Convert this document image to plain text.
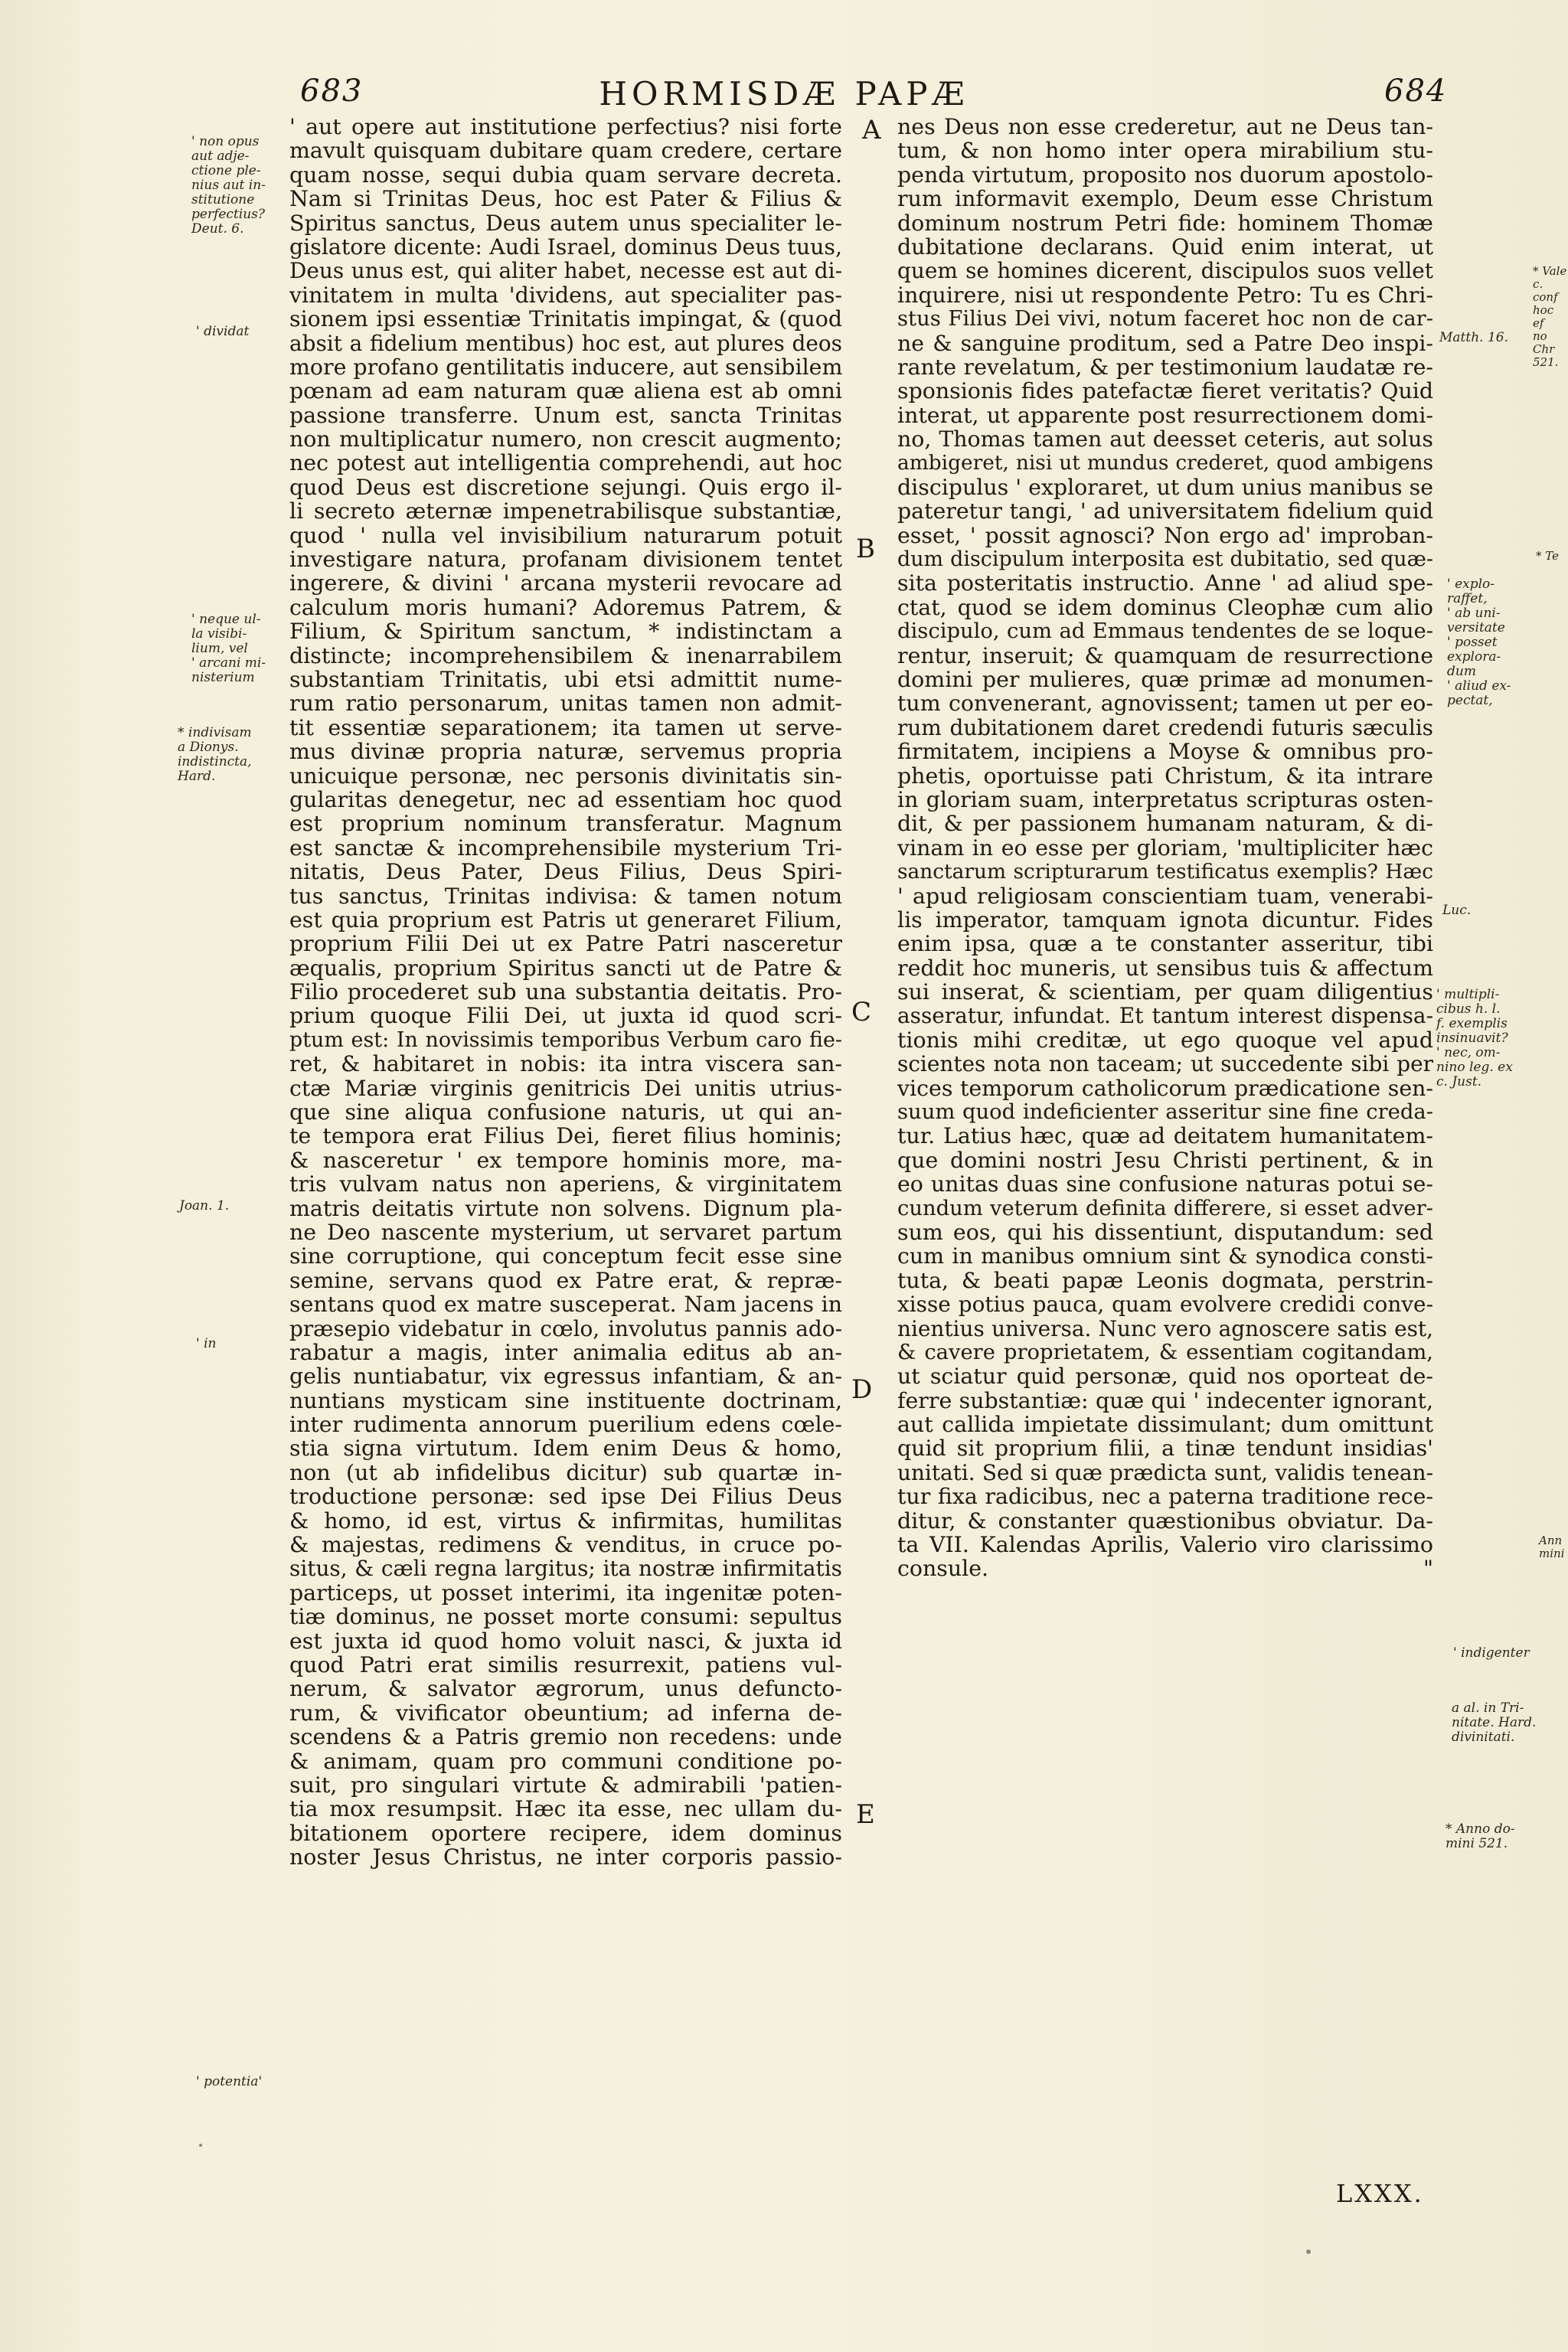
683	HORMISDÆ PAPÆ	684
' aut opere aut institutione perfectius? nisi forte
mavult quisquam dubitare quam credere, certare
quam nosse, sequi dubia quam servare decreta.
Nam si Trinitas Deus, hoc est Pater & Filius &
Spiritus sanctus, Deus autem unus specialiter le-
gislatore dicente: Audi Israel, dominus Deus tuus,
Deus unus est, qui aliter habet, necesse est aut di-
vinitatem in multa 'dividens, aut specialiter pas-
sionem ipsi essentiæ Trinitatis impingat, & (quod
absit a fidelium mentibus) hoc est, aut plures deos
more profano gentilitatis inducere, aut sensibilem
pœnam ad eam naturam quæ aliena est ab omni
passione transferre. Unum est, sancta Trinitas
non multiplicatur numero, non crescit augmento;
nec potest aut intelligentia comprehendi, aut hoc
quod Deus est discretione sejungi. Quis ergo il-
li secreto æternæ impenetrabilisque substantiæ,
quod ' nulla vel invisibilium naturarum potuit
investigare natura, profanam divisionem tentet
ingerere, & divini ' arcana mysterii revocare ad
calculum moris humani? Adoremus Patrem, &
Filium, & Spiritum sanctum, * indistinctam a
distincte; incomprehensibilem & inenarrabilem
substantiam Trinitatis, ubi etsi admittit nume-
rum ratio personarum, unitas tamen non admit-
tit essentiæ separationem; ita tamen ut serve-
mus divinæ propria naturæ, servemus propria
unicuique personæ, nec personis divinitatis sin-
gularitas denegetur, nec ad essentiam hoc quod
est proprium nominum transferatur. Magnum
est sanctæ & incomprehensibile mysterium Tri-
nitatis, Deus Pater, Deus Filius, Deus Spiri-
tus sanctus, Trinitas indivisa: & tamen notum
est quia proprium est Patris ut generaret Filium,
proprium Filii Dei ut ex Patre Patri nasceretur
æqualis, proprium Spiritus sancti ut de Patre &
Filio procederet sub una substantia deitatis. Pro-
prium quoque Filii Dei, ut juxta id quod scri-
ptum est: In novissimis temporibus Verbum caro fie-
ret, & habitaret in nobis: ita intra viscera san-
ctæ Mariæ virginis genitricis Dei unitis utrius-
que sine aliqua confusione naturis, ut qui an-
te tempora erat Filius Dei, fieret filius hominis;
& nasceretur ' ex tempore hominis more, ma-
tris vulvam natus non aperiens, & virginitatem
matris deitatis virtute non solvens. Dignum pla-
ne Deo nascente mysterium, ut servaret partum
sine corruptione, qui conceptum fecit esse sine
semine, servans quod ex Patre erat, & repræ-
sentans quod ex matre susceperat. Nam jacens in
præsepio videbatur in cœlo, involutus pannis ado-
rabatur a magis, inter animalia editus ab an-
gelis nuntiabatur, vix egressus infantiam, & an-
nuntians mysticam sine instituente doctrinam,
inter rudimenta annorum puerilium edens cœle-
stia signa virtutum. Idem enim Deus & homo,
non (ut ab infidelibus dicitur) sub quartæ in-
troductione personæ: sed ipse Dei Filius Deus
& homo, id est, virtus & infirmitas, humilitas
& majestas, redimens & venditus, in cruce po-
situs, & cæli regna largitus; ita nostræ infirmitatis
particeps, ut posset interimi, ita ingenitæ poten-
tiæ dominus, ne posset morte consumi: sepultus
est juxta id quod homo voluit nasci, & juxta id
quod Patri erat similis resurrexit, patiens vul-
nerum, & salvator ægrorum, unus defuncto-
rum, & vivificator obeuntium; ad inferna de-
scendens & a Patris gremio non recedens: unde
& animam, quam pro communi conditione po-
suit, pro singulari virtute & admirabili 'patien-
tia mox resumpsit. Hæc ita esse, nec ullam du-
bitationem oportere recipere, idem dominus
noster Jesus Christus, ne inter corporis passio-
nes Deus non esse crederetur, aut ne Deus tan-
tum, & non homo inter opera mirabilium stu-
penda virtutum, proposito nos duorum apostolo-
rum informavit exemplo, Deum esse Christum
dominum nostrum Petri fide: hominem Thomæ
dubitatione declarans. Quid enim interat, ut
quem se homines dicerent, discipulos suos vellet
inquirere, nisi ut respondente Petro: Tu es Chri-
stus Filius Dei vivi, notum faceret hoc non de car-
ne & sanguine proditum, sed a Patre Deo inspi-
rante revelatum, & per testimonium laudatæ re-
sponsionis fides patefactæ fieret veritatis? Quid
interat, ut apparente post resurrectionem domi-
no, Thomas tamen aut deesset ceteris, aut solus
ambigeret, nisi ut mundus crederet, quod ambigens
discipulus ' exploraret, ut dum unius manibus se
pateretur tangi, ' ad universitatem fidelium quid
esset, ' possit agnosci? Non ergo ad' improban-
dum discipulum interposita est dubitatio, sed quæ-
sita posteritatis instructio. Anne ' ad aliud spe-
ctat, quod se idem dominus Cleophæ cum alio
discipulo, cum ad Emmaus tendentes de se loque-
rentur, inseruit; & quamquam de resurrectione
domini per mulieres, quæ primæ ad monumen-
tum convenerant, agnovissent; tamen ut per eo-
rum dubitationem daret credendi futuris sæculis
firmitatem, incipiens a Moyse & omnibus pro-
phetis, oportuisse pati Christum, & ita intrare
in gloriam suam, interpretatus scripturas osten-
dit, & per passionem humanam naturam, & di-
vinam in eo esse per gloriam, 'multipliciter hæc
sanctarum scripturarum testificatus exemplis? Hæc
' apud religiosam conscientiam tuam, venerabi-
lis imperator, tamquam ignota dicuntur. Fides
enim ipsa, quæ a te constanter asseritur, tibi
reddit hoc muneris, ut sensibus tuis & affectum
sui inserat, & scientiam, per quam diligentius
asseratur, infundat. Et tantum interest dispensa-
tionis mihi creditæ, ut ego quoque vel apud
scientes nota non taceam; ut succedente sibi per
vices temporum catholicorum prædicatione sen-
suum quod indeficienter asseritur sine fine creda-
tur. Latius hæc, quæ ad deitatem humanitatem-
que domini nostri Jesu Christi pertinent, & in
eo unitas duas sine confusione naturas potui se-
cundum veterum definita differere, si esset adver-
sum eos, qui his dissentiunt, disputandum: sed
cum in manibus omnium sint & synodica consti-
tuta, & beati papæ Leonis dogmata, perstrin-
xisse potius pauca, quam evolvere credidi conve-
nientius universa. Nunc vero agnoscere satis est,
& cavere proprietatem, & essentiam cogitandam,
ut sciatur quid personæ, quid nos oporteat de-
ferre substantiæ: quæ qui ' indecenter ignorant,
aut callida impietate dissimulant; dum omittunt
quid sit proprium filii, a tinæ tendunt insidias'
unitati. Sed si quæ prædicta sunt, validis tenean-
tur fixa radicibus, nec a paterna traditione rece-
ditur, & constanter quæstionibus obviatur. Da-
ta VII. Kalendas Aprilis, Valerio viro clarissimo
consule. "
A
B
C
D
E
' non opus
aut adje-
ctione ple-
nius aut in-
stitutione
perfectius?
Deut. 6.
' dividat
' neque ul-
la visibi-
lium, vel
' arcani mi-
nisterium
* indivisam
a Dionys.
indistincta,
Hard.
Joan. 1.
' in
' potentia'
Matth. 16.
' explo-
raffet,
' ab uni-
versitate
' posset
explora-
dum
' aliud ex-
pectat,
Luc.
' multipli-
cibus h. l.
f. exemplis
insinuavit?
' nec, om-
nino leg. ex
c. Just.
' indigenter
a al. in Tri-
nitate. Hard.
divinitati.
* Anno do-
mini 521.
* Vale
c. conf
hoc ef
no Chr
521.
* Te
Ann
mini
LXXX.
